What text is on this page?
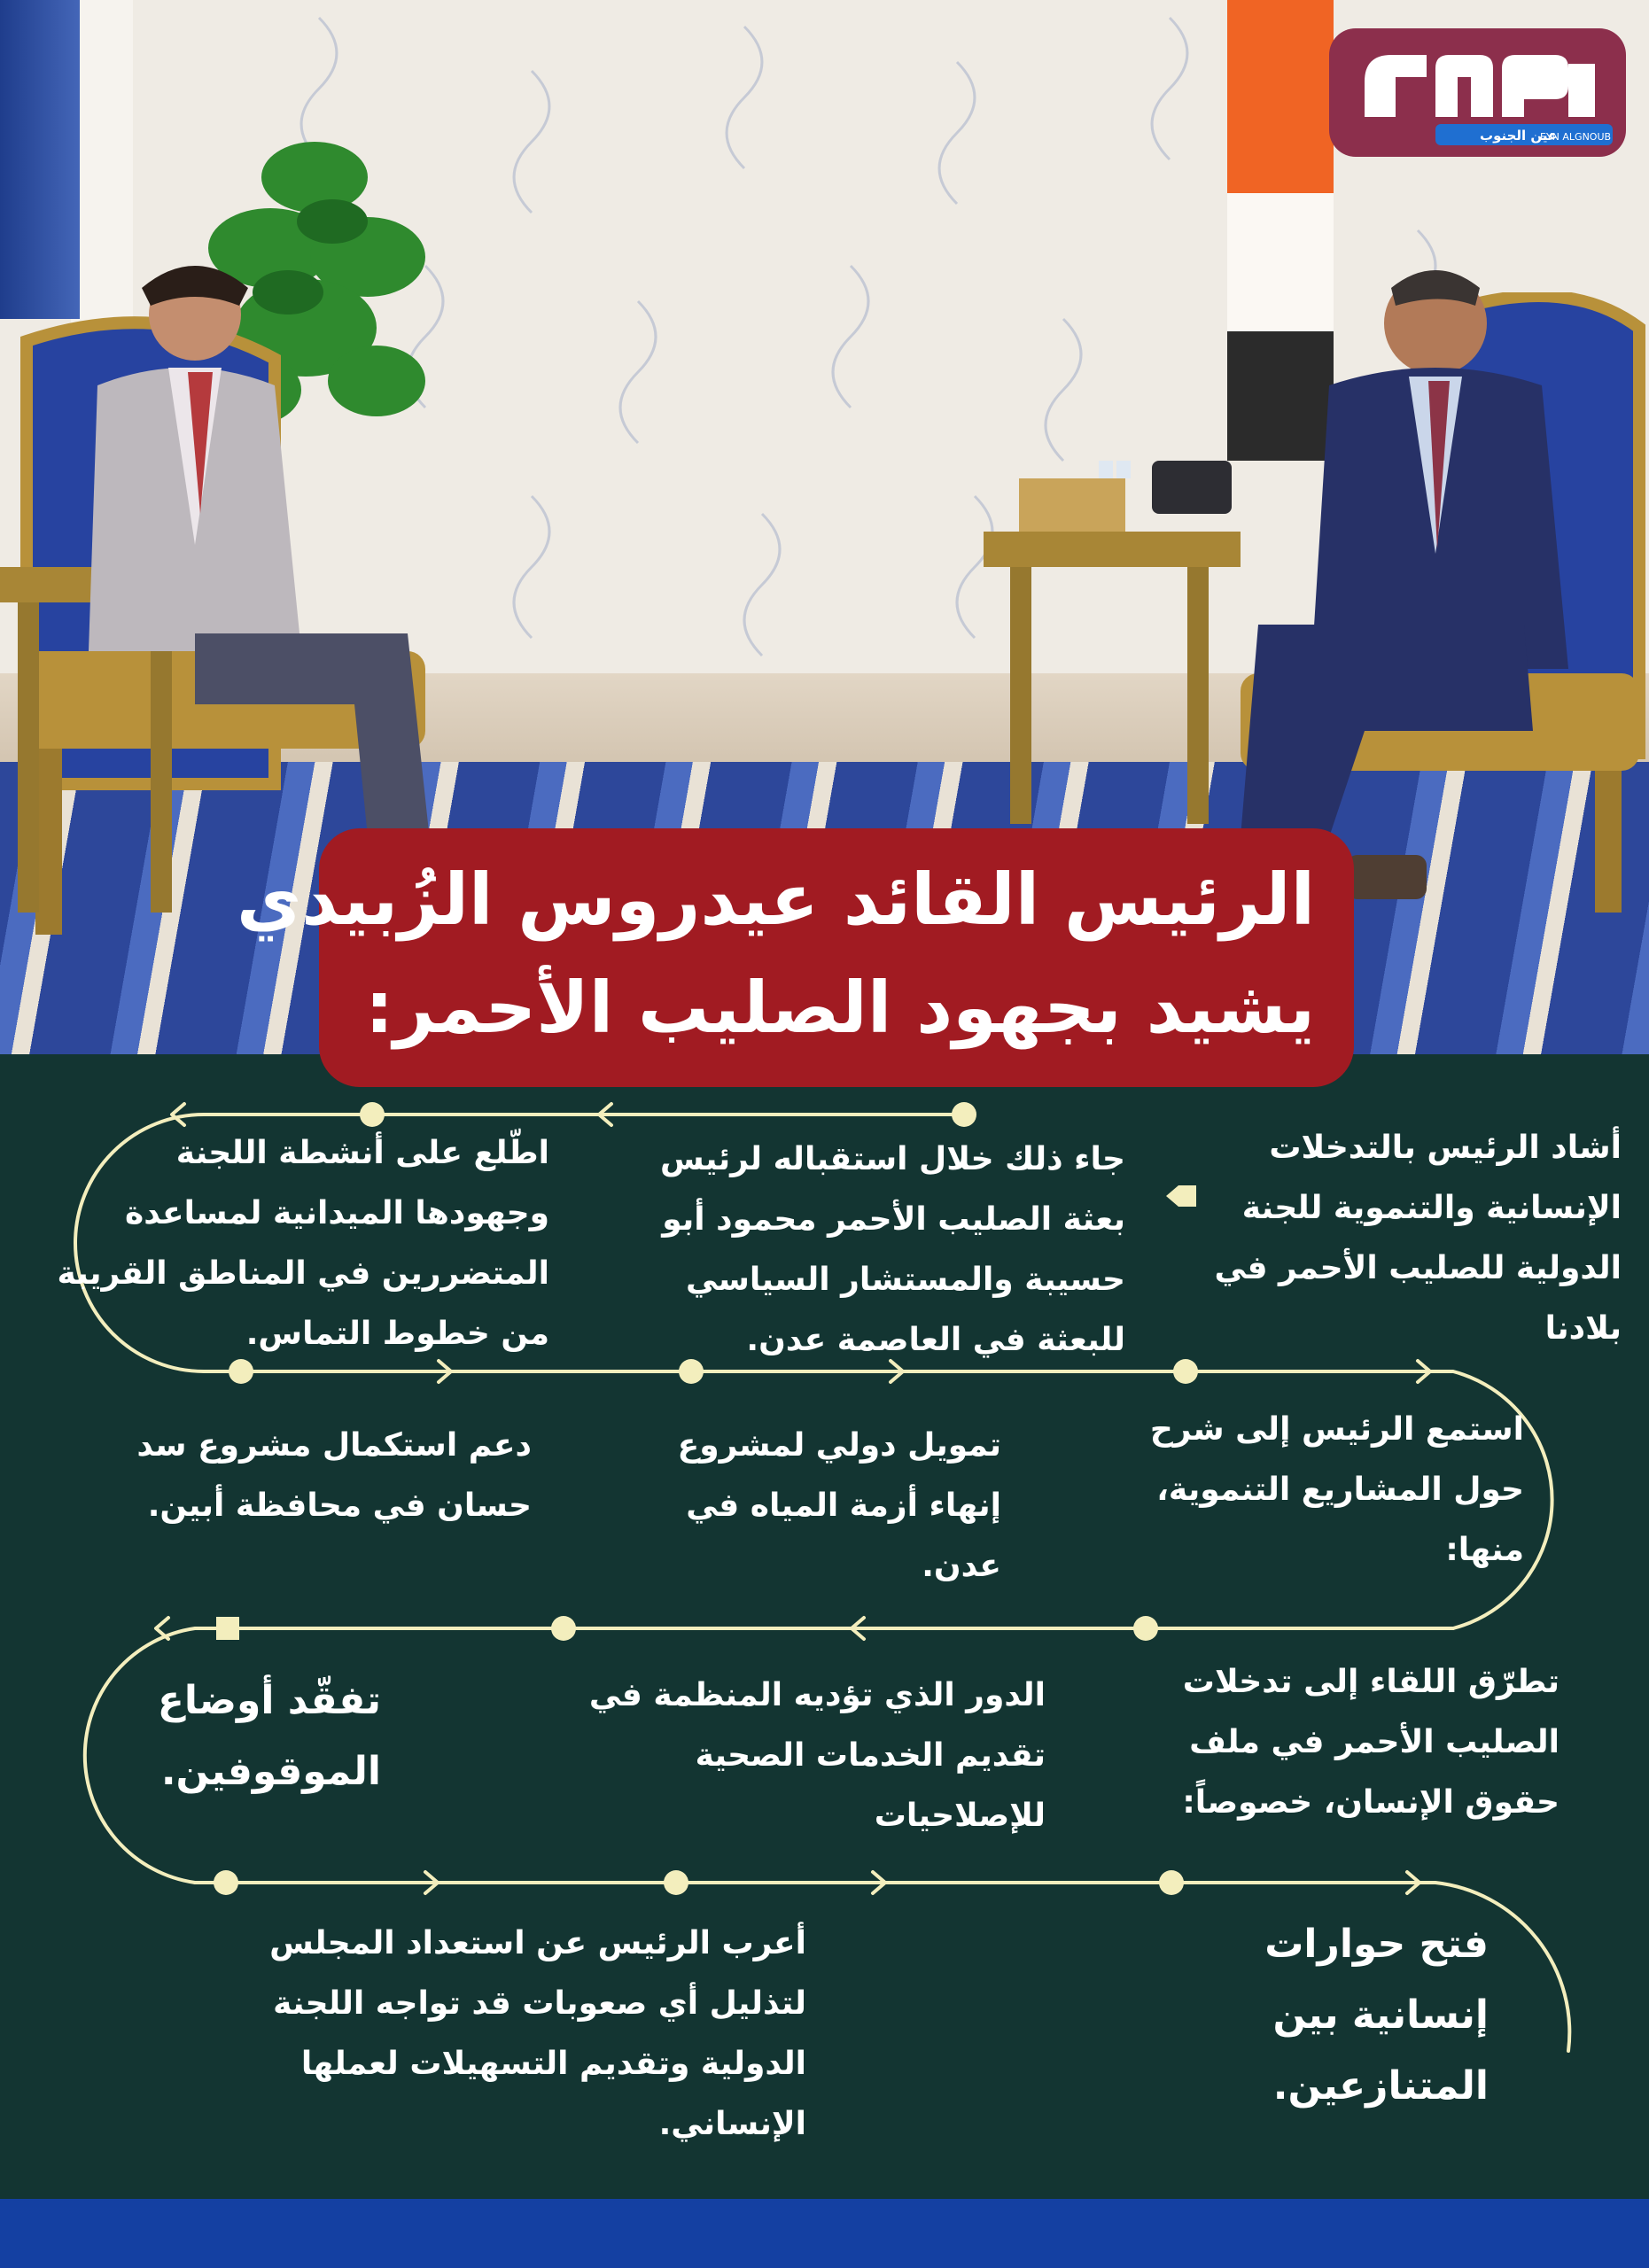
عين الجنوب
EYN ALGNOUB
الرئيس القائد عيدروس الزُبيدي
يشيد بجهود الصليب الأحمر:
أشاد الرئيس بالتدخلات الإنسانية والتنموية للجنة الدولية للصليب الأحمر في بلادنا
جاء ذلك خلال استقباله لرئيس بعثة الصليب الأحمر محمود أبو حسيبة والمستشار السياسي للبعثة في العاصمة عدن.
اطّلع على أنشطة اللجنة وجهودها الميدانية لمساعدة المتضررين في المناطق القريبة من خطوط التماس.
استمع الرئيس إلى شرح حول المشاريع التنموية، منها:
تمويل دولي لمشروع إنهاء أزمة المياه في عدن.
دعم استكمال مشروع سد حسان في محافظة أبين.
تطرّق اللقاء إلى تدخلات الصليب الأحمر في ملف حقوق الإنسان، خصوصاً:
الدور الذي تؤديه المنظمة في تقديم الخدمات الصحية للإصلاحيات
تفقّد أوضاع الموقوفين.
فتح حوارات إنسانية بين المتنازعين.
أعرب الرئيس عن استعداد المجلس لتذليل أي صعوبات قد تواجه اللجنة الدولية وتقديم التسهيلات لعملها الإنساني.
